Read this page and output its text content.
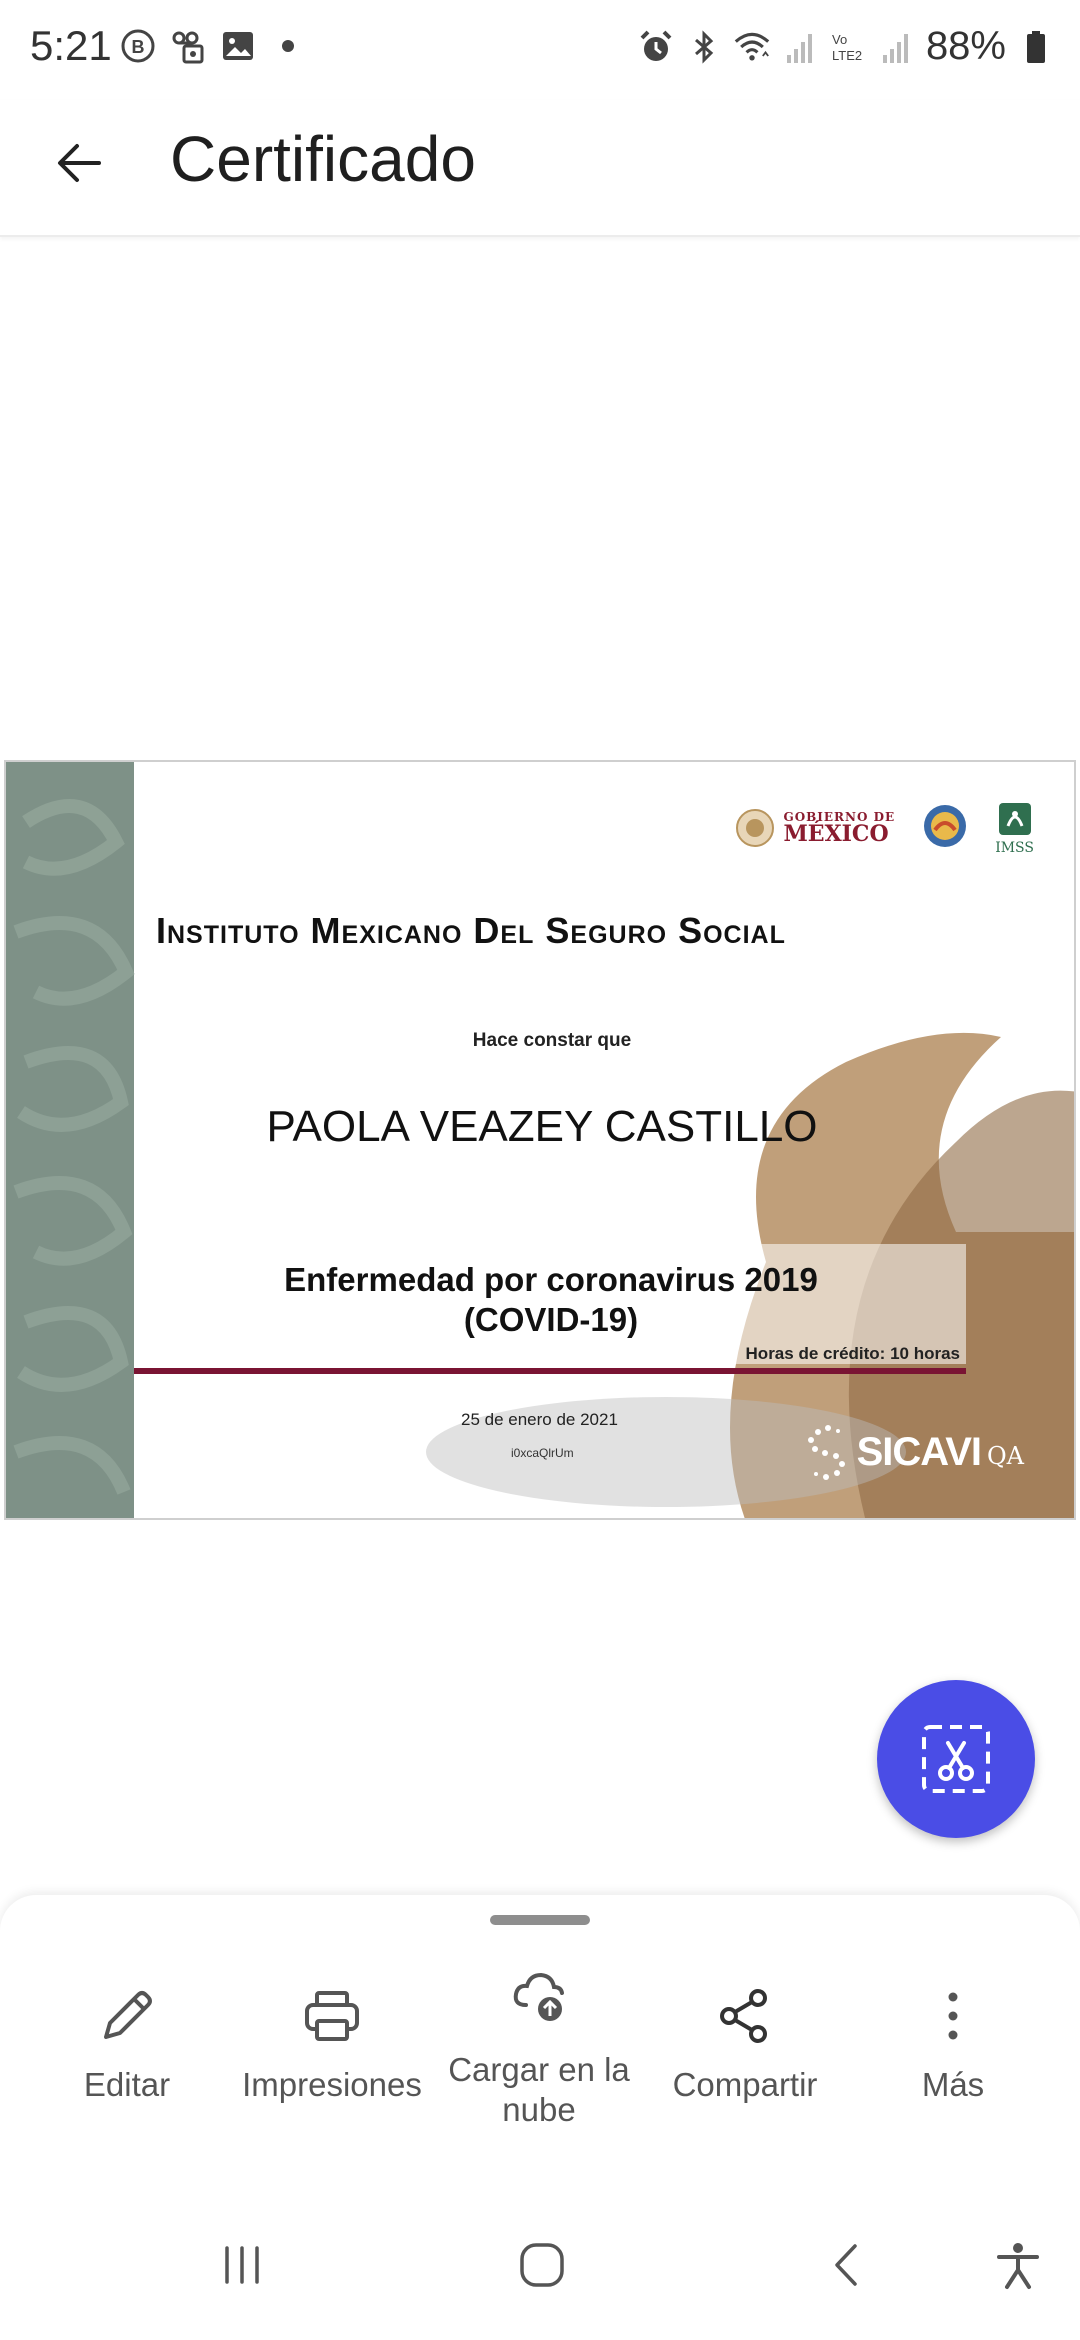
5:21 B	Vo
LTE2 88%
Certificado
GOBIERNO DE
MÉXICO
IMSS
Instituto Mexicano Del Seguro Social
Hace constar que
PAOLA VEAZEY CASTILLO
Enfermedad por coronavirus 2019
(COVID-19)
Horas de crédito: 10 horas
25 de enero de 2021
i0xcaQlrUm	SICAVI QA
Editar	Impresiones Cargar en la nube
Compartir	Más
